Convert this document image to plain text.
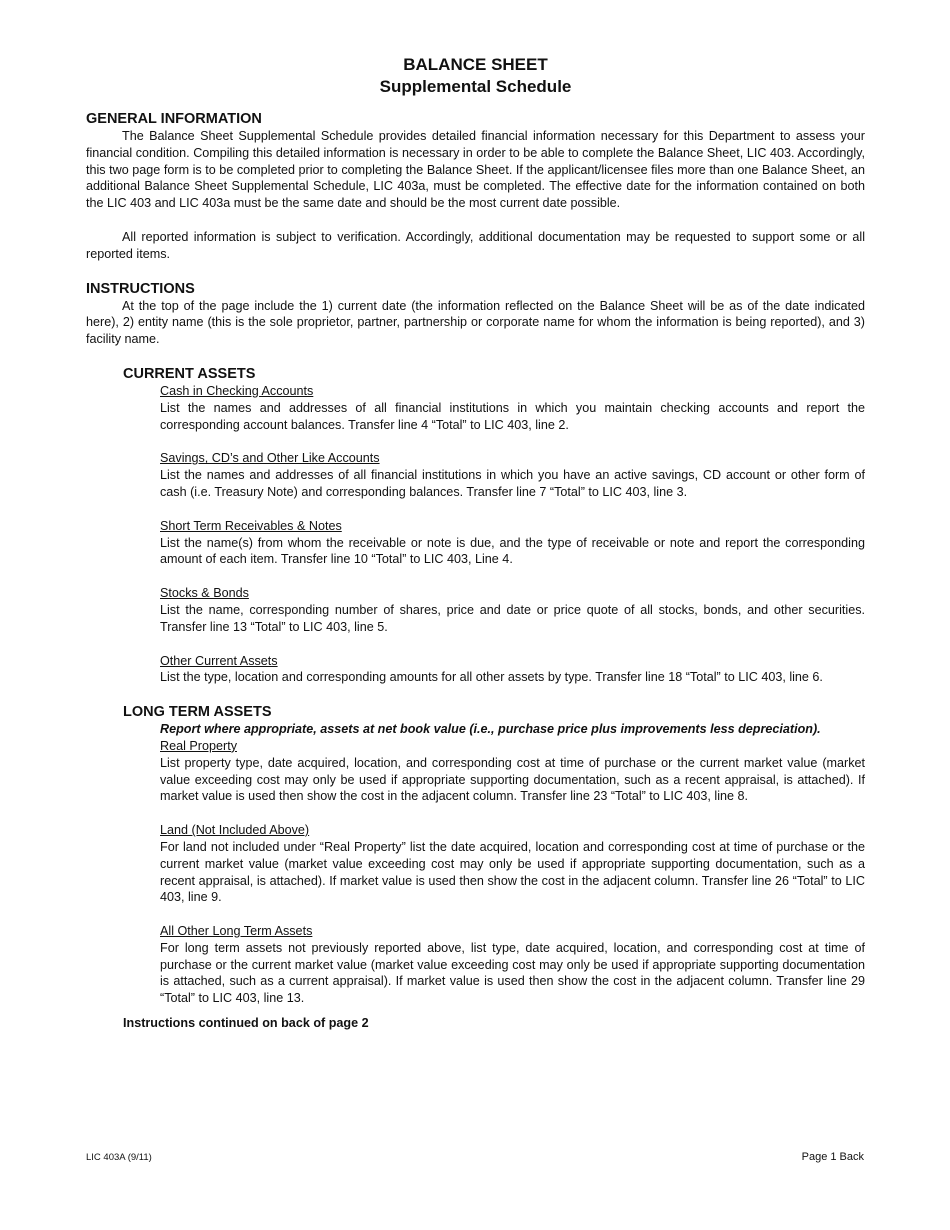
BALANCE SHEET
Supplemental Schedule
GENERAL INFORMATION

The Balance Sheet Supplemental Schedule provides detailed financial information necessary for this Department to assess your financial condition. Compiling this detailed information is necessary in order to be able to complete the Balance Sheet, LIC 403. Accordingly, this two page form is to be completed prior to completing the Balance Sheet. If the applicant/licensee files more than one Balance Sheet, an additional Balance Sheet Supplemental Schedule, LIC 403a, must be completed. The effective date for the information contained on both the LIC 403 and LIC 403a must be the same date and should be the most current date possible.

All reported information is subject to verification. Accordingly, additional documentation may be requested to support some or all reported items.

INSTRUCTIONS

At the top of the page include the 1) current date (the information reflected on the Balance Sheet will be as of the date indicated here), 2) entity name (this is the sole proprietor, partner, partnership or corporate name for whom the information is being reported), and 3) facility name.

CURRENT ASSETS
Cash in Checking Accounts
List the names and addresses of all financial institutions in which you maintain checking accounts and report the corresponding account balances. Transfer line 4 “Total” to LIC 403, line 2.
Savings, CD’s and Other Like Accounts
List the names and addresses of all financial institutions in which you have an active savings, CD account or other form of cash (i.e. Treasury Note) and corresponding balances. Transfer line 7 “Total” to LIC 403, line 3.
Short Term Receivables & Notes
List the name(s) from whom the receivable or note is due, and the type of receivable or note and report the corresponding amount of each item. Transfer line 10 “Total” to LIC 403, Line 4.
Stocks & Bonds
List the name, corresponding number of shares, price and date or price quote of all stocks, bonds, and other securities. Transfer line 13 “Total” to LIC 403, line 5.
Other Current Assets
List the type, location and corresponding amounts for all other assets by type. Transfer line 18 “Total” to LIC 403, line 6.
LONG TERM ASSETS
Report where appropriate, assets at net book value (i.e., purchase price plus improvements less depreciation).
Real Property
List property type, date acquired, location, and corresponding cost at time of purchase or the current market value (market value exceeding cost may only be used if appropriate supporting documentation, such as a recent appraisal, is attached). If market value is used then show the cost in the adjacent column. Transfer line 23 “Total” to LIC 403, line 8.
Land (Not Included Above)
For land not included under “Real Property” list the date acquired, location and corresponding cost at time of purchase or the current market value (market value exceeding cost may only be used if appropriate supporting documentation, such as a recent appraisal, is attached). If market value is used then show the cost in the adjacent column. Transfer line 26 “Total” to LIC 403, line 9.
All Other Long Term Assets
For long term assets not previously reported above, list type, date acquired, location, and corresponding cost at time of purchase or the current market value (market value exceeding cost may only be used if appropriate supporting documentation is attached, such as a current appraisal). If market value is used then show the cost in the adjacent column. Transfer line 29 “Total” to LIC 403, line 13.
Instructions continued on back of page 2
LIC 403A (9/11)	Page 1 Back
